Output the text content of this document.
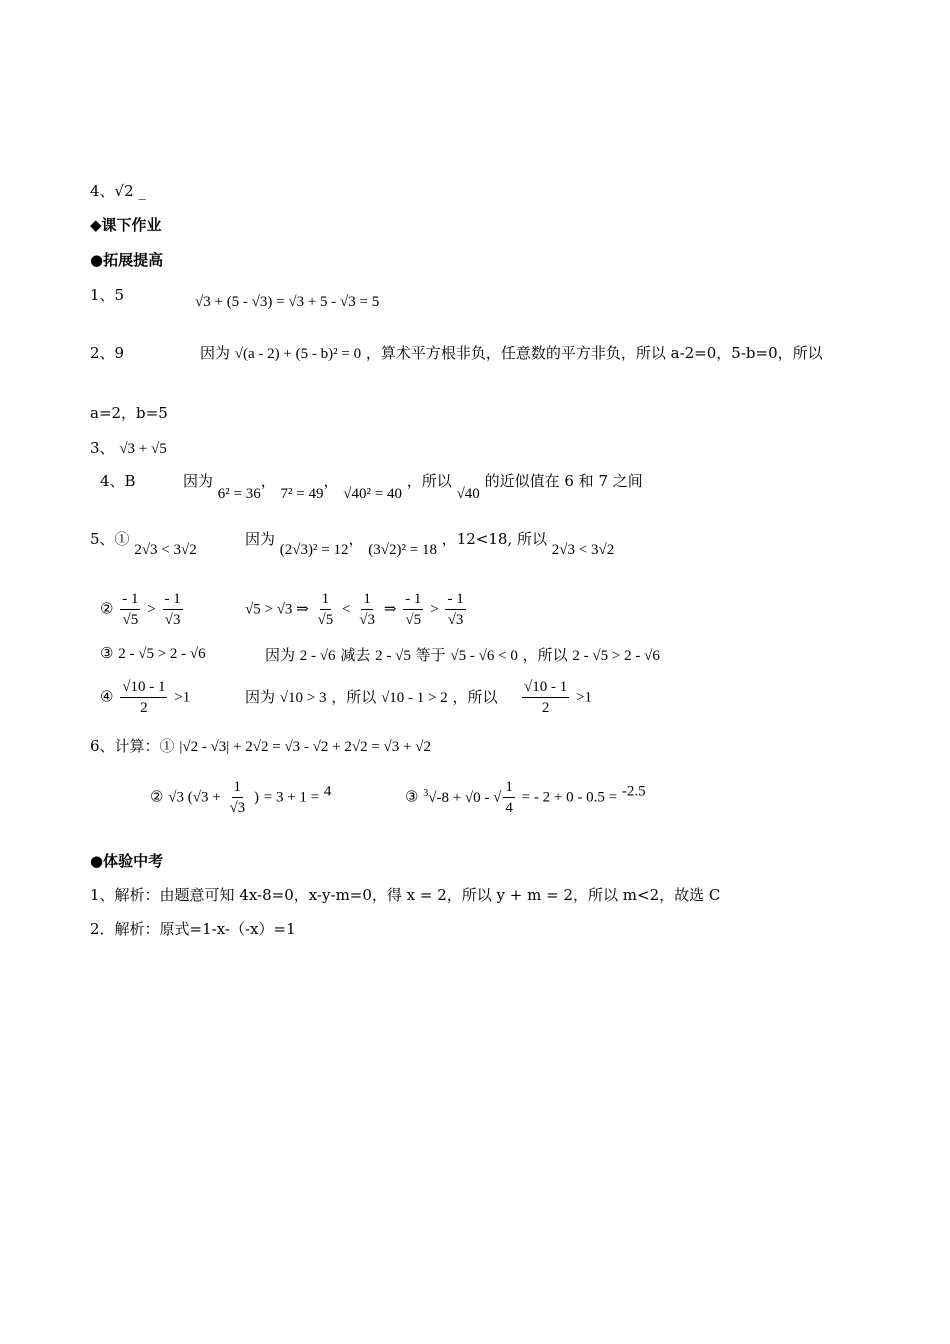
4、√2 _
◆课下作业
●拓展提高
1、5	√3 + (5 - √3) = √3 + 5 - √3 = 5
2、9	因为 √(a - 2) + (5 - b)² = 0 ，算术平方根非负，任意数的平方非负，所以 a-2=0，5-b=0，所以
a=2，b=5
3、 √3 + √5
4、B	因为 6² = 36， 7² = 49， √40² = 40 ，所以 √40 的近似值在 6 和 7 之间
5、① 2√3 < 3√2
因为 (2√3)² = 12， (3√2)² = 18 ，12<18, 所以 2√3 < 3√2
② $\frac{- 1}{√5} > \frac{- 1}{√3}$	√5 > √3 ⇒ $\frac{1}{√5} < \frac{1}{√3}$ ⇒ $\frac{- 1}{√5} > \frac{- 1}{√3}$
③ 2 - √5 > 2 - √6	因为 2 - √6 减去 2 - √5 等于 √5 - √6 < 0 ，所以 2 - √5 > 2 - √6
④ $\frac{√10 - 1}{2} >1$	因为 √10 > 3 ，所以 √10 - 1 > 2 ，所以 $\frac{√10 - 1}{2} >1$
6、计算：① |√2 - √3| + 2√2 = √3 - √2 + 2√2 = √3 + √2
② √3 ($√3 + \frac{1}{√3}$ ) = 3 + 1 = $^4$	③ $^3$√-8 + √0 - √ $\frac{1}{4}$ = - 2 + 0 - 0.5 = $^{-2.5}$
●体验中考
1、解析：由题意可知 4x-8=0，x-y-m=0，得 x = 2，所以 y + m = 2，所以 m<2，故选 C
2．解析：原式=1-x-（-x）=1
